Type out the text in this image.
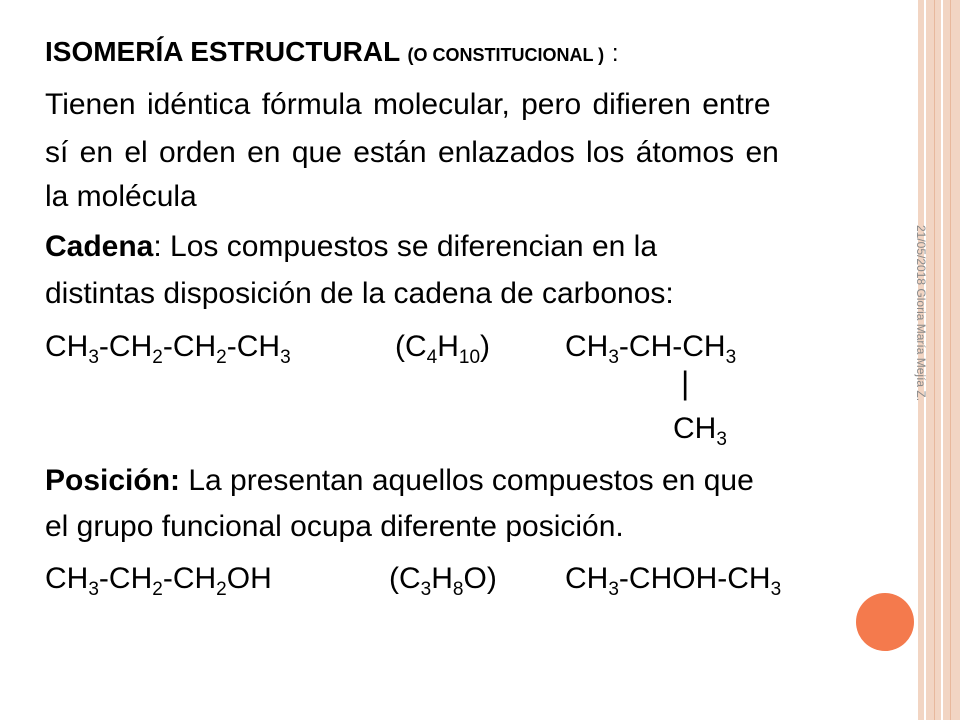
21/05/2018 Gloria María Mejía Z.
ISOMERÍA ESTRUCTURAL (O CONSTITUCIONAL ) :
Tienen idéntica fórmula molecular, pero difieren entre
sí en el orden en que están enlazados los átomos en
la molécula
Cadena: Los compuestos se diferencian en la
distintas disposición de la cadena de carbonos:
$CH_3-CH_2-CH_2-CH_3$	$(C_4H_{10})$ $CH_3-CH-CH_3$
|
$CH_3$
Posición: La presentan aquellos compuestos en que
el grupo funcional ocupa diferente posición.
$CH_3-CH_2-CH_2OH$	$(C_3H_8O)$ $CH_3-CHOH-CH_3$
